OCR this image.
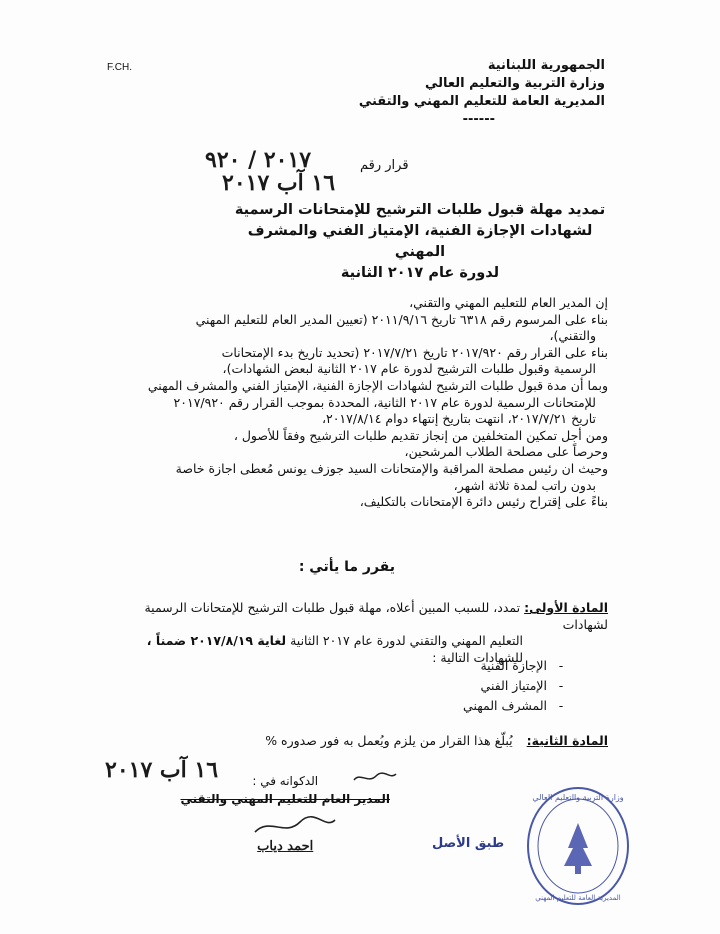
F.CH.	الجمهورية اللبنانية
وزارة التربية والتعليم العالي
المديرية العامة للتعليم المهني والتقني
------
قرار رقم
٢٠١٧ / ٩٢٠
١٦ آب ٢٠١٧
تمديد مهلة قبول طلبات الترشيح للإمتحانات الرسمية
لشهادات الإجازة الفنية، الإمتياز الفني والمشرف المهني
لدورة عام ٢٠١٧ الثانية

إن المدير العام للتعليم المهني والتقني،

بناء على المرسوم رقم ٦٣١٨ تاريخ ٢٠١١/٩/١٦ (تعيين المدير العام للتعليم المهني

والتقني)،

بناء على القرار رقم ٢٠١٧/٩٢٠ تاريخ ٢٠١٧/٧/٢١ (تحديد تاريخ بدء الإمتحانات

الرسمية وقبول طلبات الترشيح لدورة عام ٢٠١٧ الثانية لبعض الشهادات)،

وبما أن مدة قبول طلبات الترشيح لشهادات الإجازة الفنية، الإمتياز الفني والمشرف المهني

للإمتحانات الرسمية لدورة عام ٢٠١٧ الثانية، المحددة بموجب القرار رقم ٢٠١٧/٩٢٠

تاريخ ٢٠١٧/٧/٢١، انتهت بتاريخ إنتهاء دوام ٢٠١٧/٨/١٤،

ومن أجل تمكين المتخلفين من إنجاز تقديم طلبات الترشيح وفقاً للأصول ،

وحرصاً على مصلحة الطلاب المرشحين،

وحيث ان رئيس مصلحة المراقبة والإمتحانات السيد جوزف يونس مُعطى اجازة خاصة

بدون راتب لمدة ثلاثة اشهر،

بناءً على إقتراح رئيس دائرة الإمتحانات بالتكليف،

يقرر ما يأتي :
المادة الأولى: تمدد، للسبب المبين أعلاه، مهلة قبول طلبات الترشيح للإمتحانات الرسمية لشهادات
التعليم المهني والتقني لدورة عام ٢٠١٧ الثانية لغاية ٢٠١٧/٨/١٩ ضمناً ،
للشهادات التالية :
-الإجازة الفنية
-الإمتياز الفني
-المشرف المهني
المادة الثانية: يُبلّغ هذا القرار من يلزم ويُعمل به فور صدوره %
١٦ آب ٢٠١٧	الدكوانه في :
المدير العام للتعليم المهني والتقني
احمد دياب	طبق الأصل
وزارة التربية والتعليم العالي
المديرية العامة للتعليم المهني
